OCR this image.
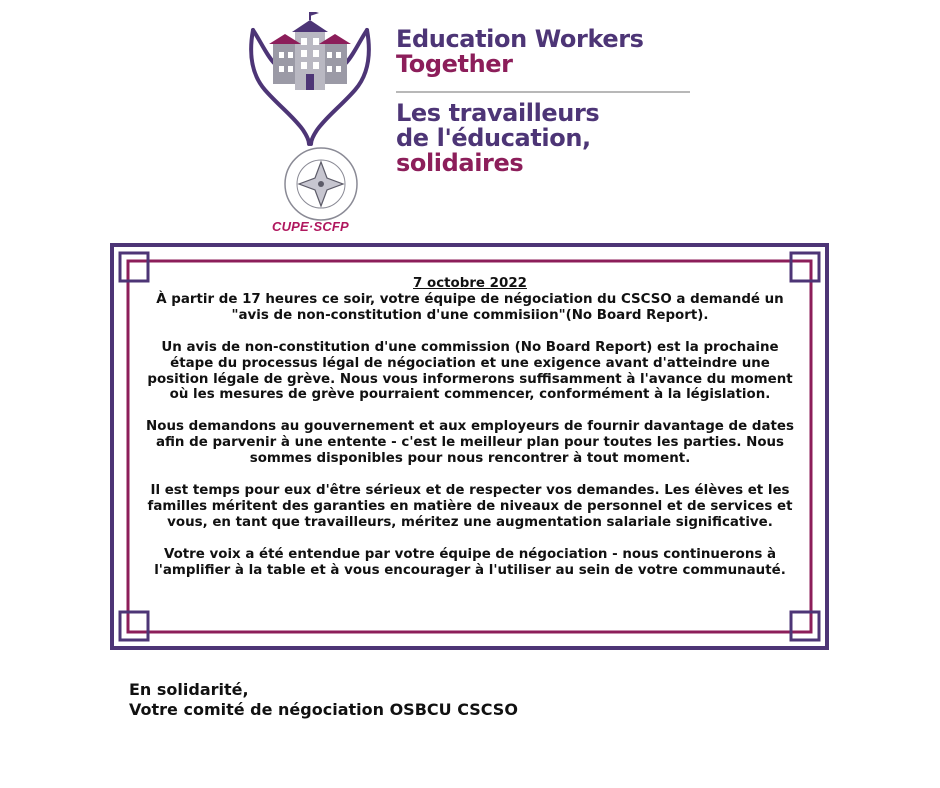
CUPE·SCFP
Education Workers
Together
Les travailleurs
de l'éducation,
solidaires
7 octobre 2022

À partir de 17 heures ce soir, votre équipe de négociation du CSCSO a demandé un "avis de non-constitution d'une commisiion"(No Board Report).

Un avis de non-constitution d'une commission (No Board Report) est la prochaine étape du processus légal de négociation et une exigence avant d'atteindre une position légale de grève. Nous vous informerons suffisamment à l'avance du moment où les mesures de grève pourraient commencer, conformément à la législation.

Nous demandons au gouvernement et aux employeurs de fournir davantage de dates afin de parvenir à une entente - c'est le meilleur plan pour toutes les parties. Nous sommes disponibles pour nous rencontrer à tout moment.

Il est temps pour eux d'être sérieux et de respecter vos demandes. Les élèves et les familles méritent des garanties en matière de niveaux de personnel et de services et vous, en tant que travailleurs, méritez une augmentation salariale significative.

Votre voix a été entendue par votre équipe de négociation - nous continuerons à l'amplifier à la table et à vous encourager à l'utiliser au sein de votre communauté.

En solidarité,
Votre comité de négociation OSBCU CSCSO
